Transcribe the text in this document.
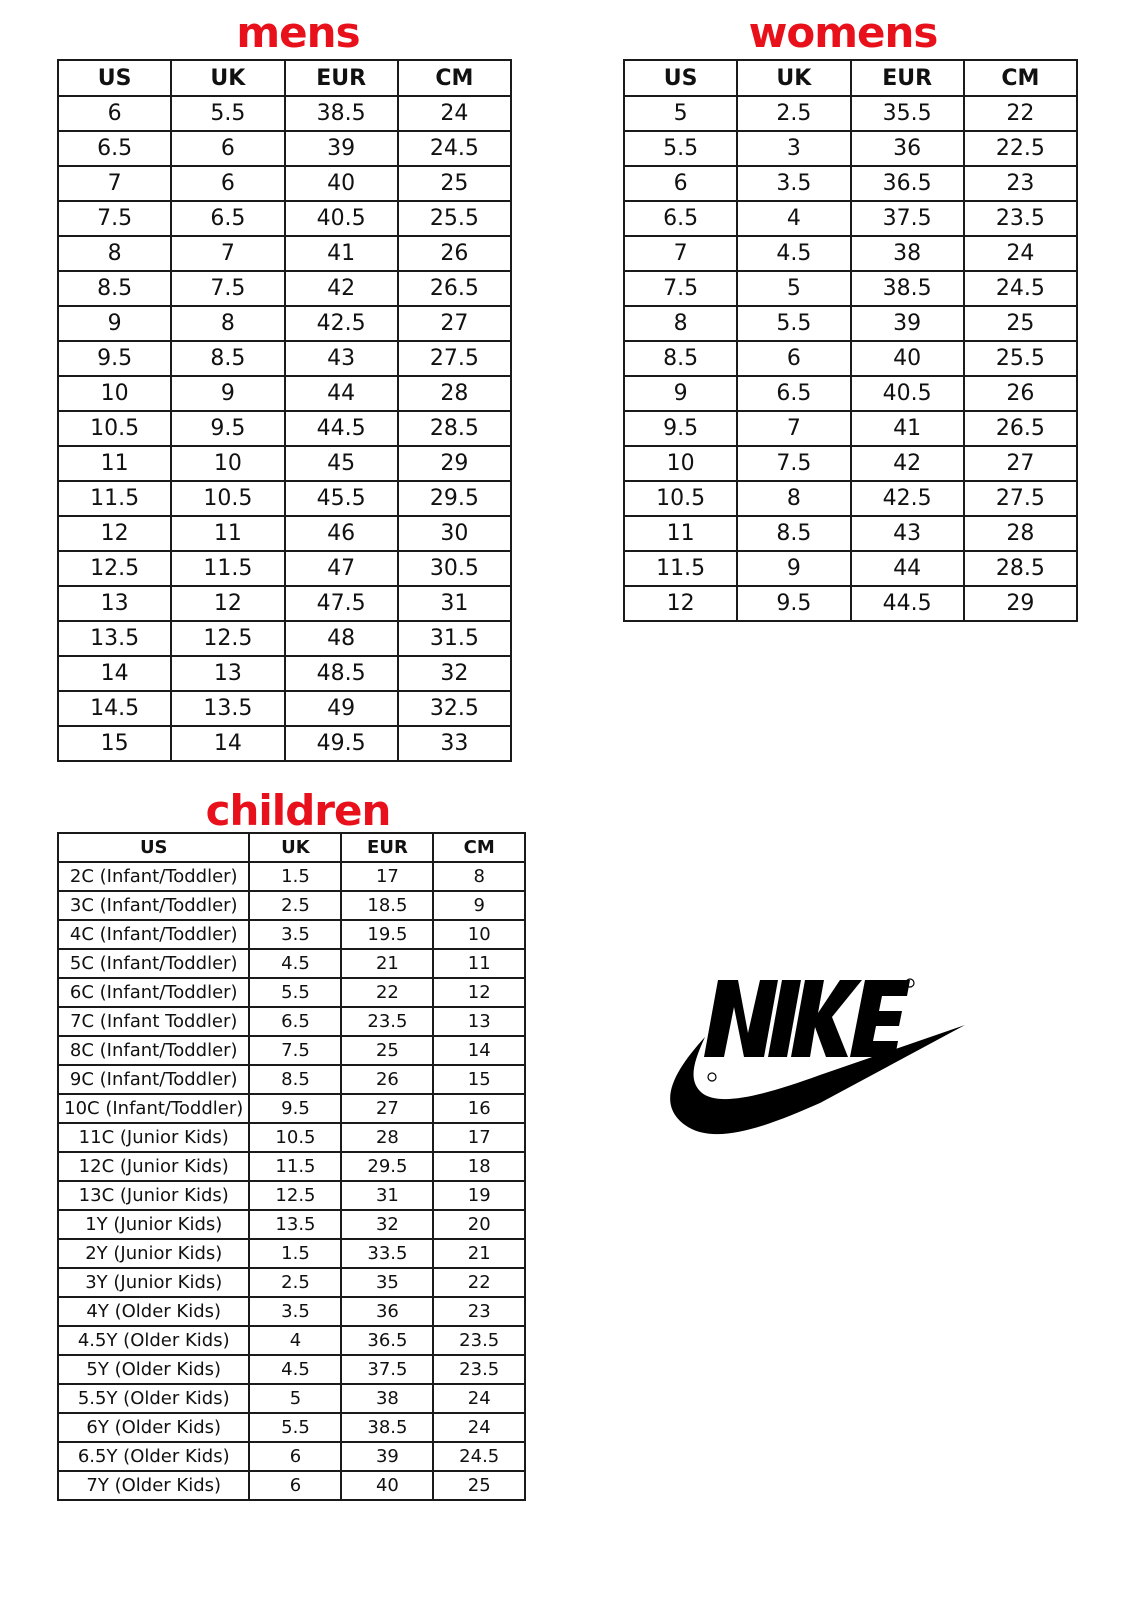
mens
US	UK	EUR	CM
6	5.5	38.5	24
6.5	6	39	24.5
7	6	40	25
7.5	6.5	40.5	25.5
8	7	41	26
8.5	7.5	42	26.5
9	8	42.5	27
9.5	8.5	43	27.5
10	9	44	28
10.5	9.5	44.5	28.5
11	10	45	29
11.5	10.5	45.5	29.5
12	11	46	30
12.5	11.5	47	30.5
13	12	47.5	31
13.5	12.5	48	31.5
14	13	48.5	32
14.5	13.5	49	32.5
15	14	49.5	33
womens
US	UK	EUR	CM
5	2.5	35.5	22
5.5	3	36	22.5
6	3.5	36.5	23
6.5	4	37.5	23.5
7	4.5	38	24
7.5	5	38.5	24.5
8	5.5	39	25
8.5	6	40	25.5
9	6.5	40.5	26
9.5	7	41	26.5
10	7.5	42	27
10.5	8	42.5	27.5
11	8.5	43	28
11.5	9	44	28.5
12	9.5	44.5	29
children
US	UK	EUR	CM
2C (Infant/Toddler)	1.5	17	8
3C (Infant/Toddler)	2.5	18.5	9
4C (Infant/Toddler)	3.5	19.5	10
5C (Infant/Toddler)	4.5	21	11
6C (Infant/Toddler)	5.5	22	12
7C (Infant Toddler)	6.5	23.5	13
8C (Infant/Toddler)	7.5	25	14
9C (Infant/Toddler)	8.5	26	15
10C (Infant/Toddler)	9.5	27	16
11C (Junior Kids)	10.5	28	17
12C (Junior Kids)	11.5	29.5	18
13C (Junior Kids)	12.5	31	19
1Y (Junior Kids)	13.5	32	20
2Y (Junior Kids)	1.5	33.5	21
3Y (Junior Kids)	2.5	35	22
4Y (Older Kids)	3.5	36	23
4.5Y (Older Kids)	4	36.5	23.5
5Y (Older Kids)	4.5	37.5	23.5
5.5Y (Older Kids)	5	38	24
6Y (Older Kids)	5.5	38.5	24
6.5Y (Older Kids)	6	39	24.5
7Y (Older Kids)	6	40	25
